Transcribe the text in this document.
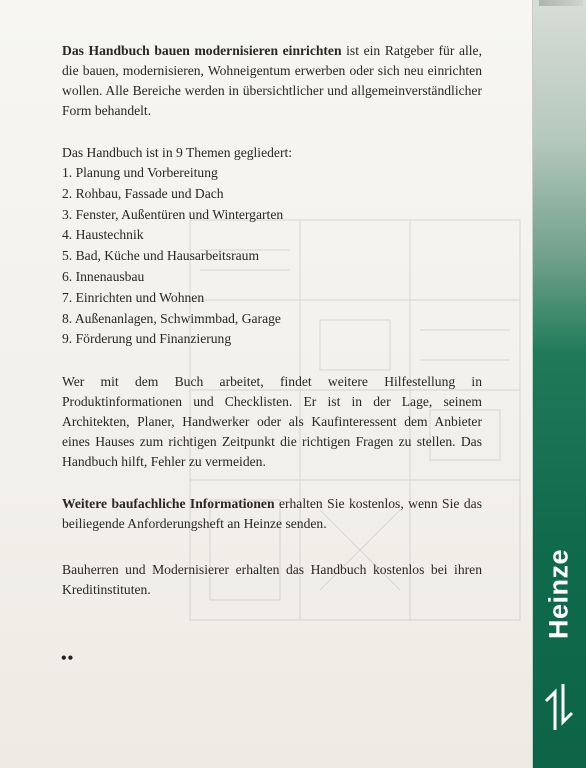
Das Handbuch bauen modernisieren einrichten ist ein Ratgeber für alle, die bauen, modernisieren, Wohneigentum erwerben oder sich neu einrichten wollen. Alle Bereiche werden in übersichtlicher und allgemeinverständlicher Form behandelt.

Das Handbuch ist in 9 Themen gegliedert:

1. Planung und Vorbereitung
2. Rohbau, Fassade und Dach
3. Fenster, Außentüren und Wintergarten
4. Haustechnik
5. Bad, Küche und Hausarbeitsraum
6. Innenausbau
7. Einrichten und Wohnen
8. Außenanlagen, Schwimmbad, Garage
9. Förderung und Finanzierung

Wer mit dem Buch arbeitet, findet weitere Hilfestellung in Produktinformationen und Checklisten. Er ist in der Lage, seinem Architekten, Planer, Handwerker oder als Kaufinteressent dem Anbieter eines Hauses zum richtigen Zeitpunkt die richtigen Fragen zu stellen. Das Handbuch hilft, Fehler zu vermeiden.

Weitere baufachliche Informationen erhalten Sie kostenlos, wenn Sie das beiliegende Anforderungsheft an Heinze senden.

Bauherren und Modernisierer erhalten das Handbuch kostenlos bei ihren Kreditinstituten.

••
Heinze
